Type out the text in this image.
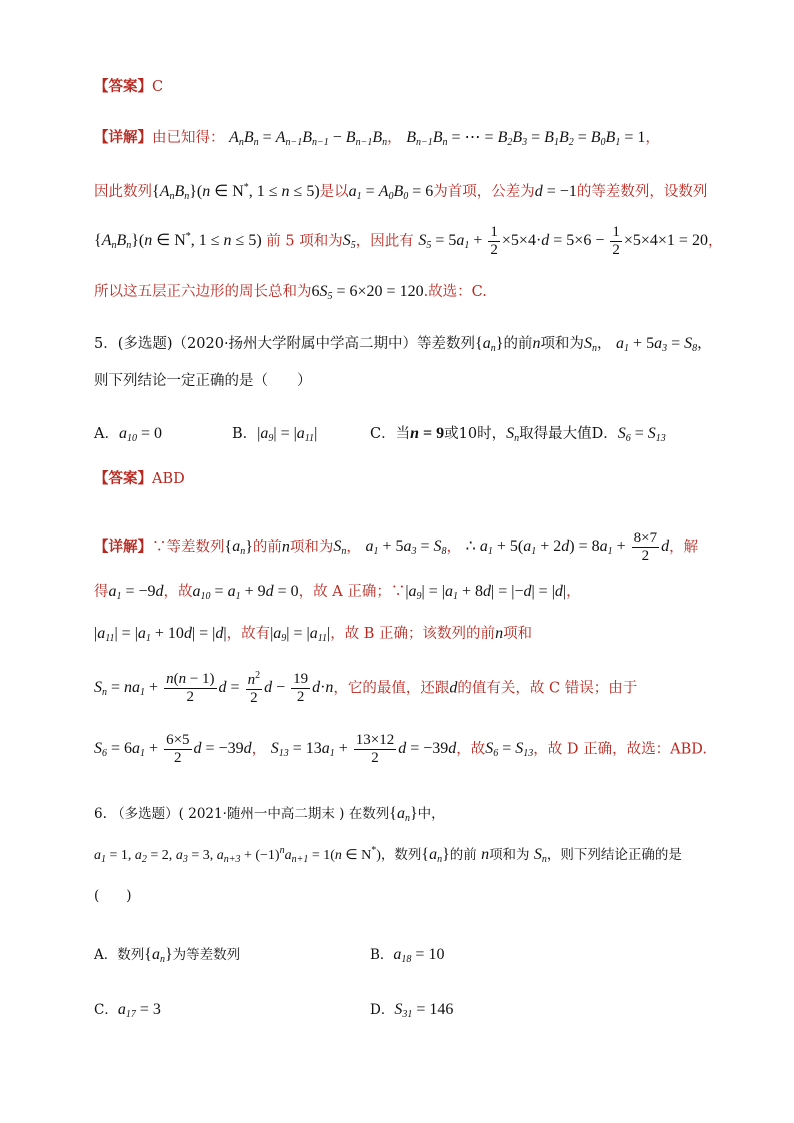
【答案】C
【详解】由已知得： $A_nB_n = A_{n-1}B_{n-1} - B_{n-1}B_n$， $B_{n-1}B_n$ = ⋯ = $B_2B_3 = B_1B_2 = B_0B_1 = 1$，
因此数列$\{A_nB_n\}(n$ ∈ N*, 1 ≤ n ≤ 5)是以$a_1 = A_0B_0 = 6$为首项，公差为d = −1的等差数列，设数列
$\{A_nB_n\}(n$ ∈ N*, 1 ≤ n ≤ 5) 前 5 项和为$S_5$，因此有 $S_5 = 5a_1 + \frac{1}{2} \times 5\times 4\cdot d = 5\times 6 - \frac{1}{2} \times 5\times 4\times 1 = 20$，
所以这五层正六边形的周长总和为$6S_5 = 6\times 20 = 120$.故选：C.
5．(多选题)（2020·扬州大学附属中学高二期中）等差数列$\{a_n\}$的前n项和为$S_n$， $a_1 + 5a_3 = S_8$，
则下列结论一定正确的是（　　）
A．$a_{10} = 0$	B．$|a_9| = |a_{11}|$	C．当n = 9或10时，$S_n$取得最大值D．$S_6 = S_{13}$
【答案】ABD
【详解】∵等差数列$\{a_n\}$的前n项和为$S_n$， $a_1 + 5a_3 = S_8$， ∴ $a_1 + 5(a_1 + 2d) = 8a_1 + \frac{8\times 7}{2}$ d，解
得$a_1 = -9d$，故$a_{10} = a_1 + 9d = 0$，故 A 正确；$\because|a_9| = |a_1 + 8d| = |-d| = |d|$，
$|a_{11}| = |a_1 + 10d| = |d|$，故有$|a_9| = |a_{11}|$，故 B 正确；该数列的前n项和
$S_n = na_1 + \frac{n(n - 1)}{2}$ $d = \frac{n^2}{2}$ $d - \frac{19}{2} d\cdot n$，它的最值，还跟d的值有关，故 C 错误；由于
$S_6 = 6a_1 + \frac{6\times 5}{2}$ d = −39d， $S_{13} = 13a_1 + \frac{13\times 12}{2}$ d = −39d，故$S_6 = S_{13}$，故 D 正确，故选：ABD.
6. （多选题）( 2021·随州一中高二期末 ) 在数列$\{a_n\}$中，
$a_1 = 1$, $a_2 = 2$, $a_3 = 3$, $a_{n+3} + (-1)^na_{n+1} = 1(n$ ∈ N*)，数列$\{a_n\}$的前 n项和为 $S_n$，则下列结论正确的是
(　　)
A．数列$\{a_n\}$为等差数列	B．$a_{18} = 10$
C．$a_{17} = 3$	D．$S_{31} = 146$
